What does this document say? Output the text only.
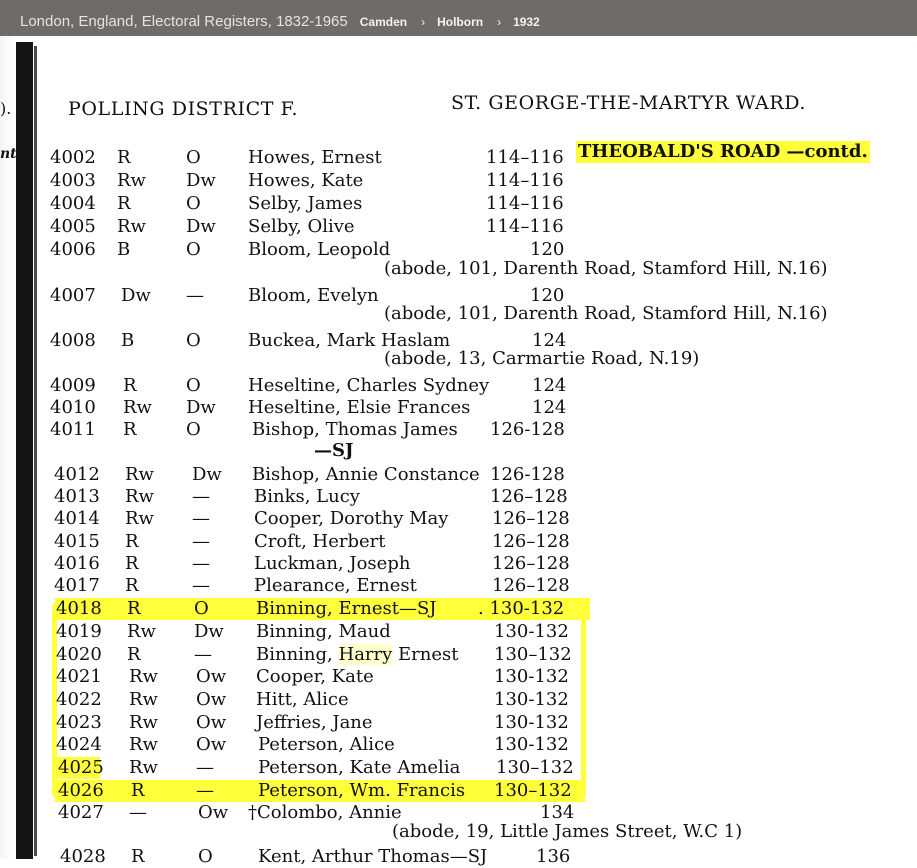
London, England, Electoral Registers, 1832-1965 Camden › Holborn › 1932
).
nt
POLLING DISTRICT F.	ST. GEORGE-THE-MARTYR WARD.
THEOBALD'S ROAD —contd.
4002 R	O	Howes, Ernest	114–116
4003 Rw Dw Howes, Kate	114–116
4004 R	O	Selby, James	114–116
4005 Rw Dw Selby, Olive	114–116
4006 B	O	Bloom, Leopold	120
(abode, 101, Darenth Road, Stamford Hill, N.16)
4007 Dw — Bloom, Evelyn	120
(abode, 101, Darenth Road, Stamford Hill, N.16)
4008 B	O	Buckea, Mark Haslam	124
(abode, 13, Carmartie Road, N.19)
4009 R	O	Heseltine, Charles Sydney 124
4010 Rw Dw Heseltine, Elsie Frances	124
4011 R	O	Bishop, Thomas James 126-128
—SJ
4012 Rw Dw Bishop, Annie Constance 126-128
4013 Rw — Binks, Lucy	126–128
4014 Rw — Cooper, Dorothy May 126–128
4015 R	— Croft, Herbert	126–128
4016 R	— Luckman, Joseph	126–128
4017 R	— Plearance, Ernest	126–128
4018 R	O	Binning, Ernest—SJ . 130-132
4019 Rw Dw Binning, Maud	130-132
4020 R	— Binning, Harry Ernest 130–132
4021 Rw Ow Cooper, Kate	130-132
4022 Rw Ow Hitt, Alice	130-132
4023 Rw Ow Jeffries, Jane	130-132
4024 Rw Ow Peterson, Alice	130-132
4025 Rw — Peterson, Kate Amelia 130–132
4026 R	— Peterson, Wm. Francis 130–132
4027 —	Ow †Colombo, Annie	134
(abode, 19, Little James Street, W.C 1)
4028 R	O	Kent, Arthur Thomas—SJ	136
